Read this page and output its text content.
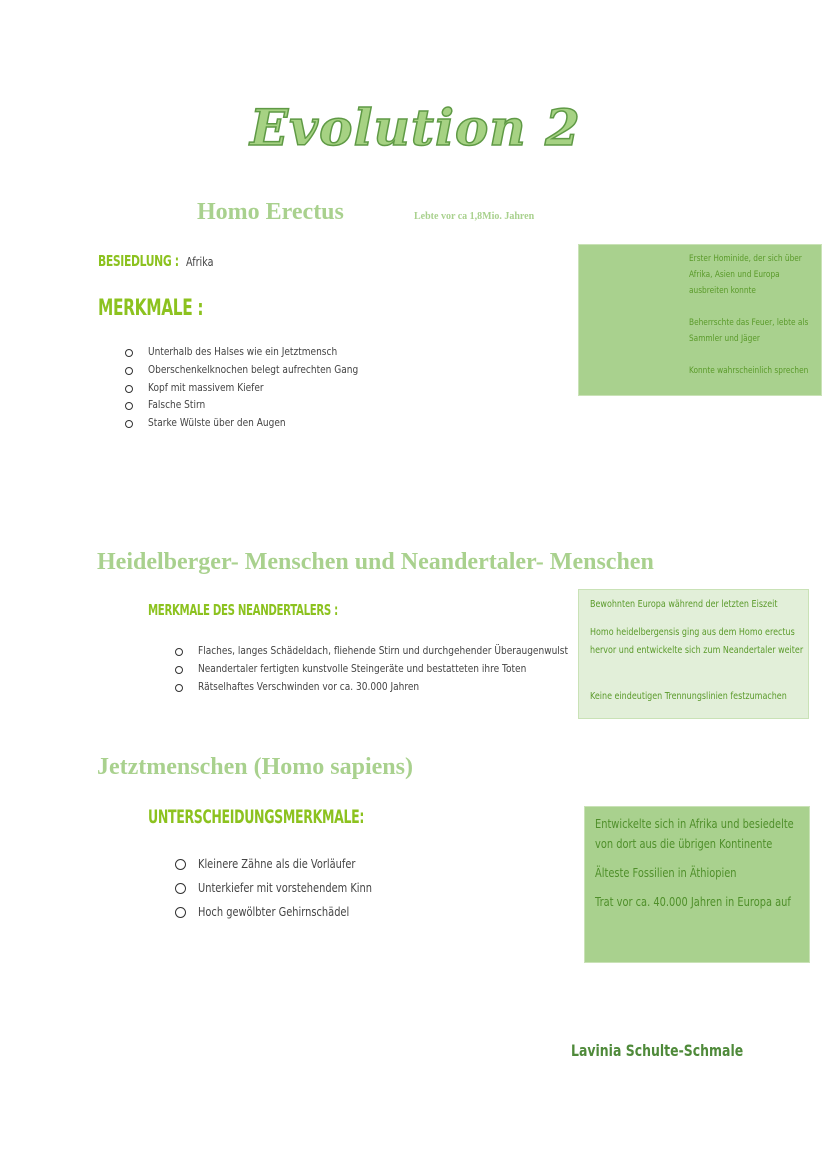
Evolution 2
Homo Erectus	Lebte vor ca 1,8Mio. Jahren
BESIEDLUNG : Afrika
MERKMALE :
Unterhalb des Halses wie ein Jetztmensch
Oberschenkelknochen belegt aufrechten Gang
Kopf mit massivem Kiefer
Falsche Stirn
Starke Wülste über den Augen

Erster Hominide, der sich über Afrika, Asien und Europa ausbreiten konnte

Beherrschte das Feuer, lebte als Sammler und Jäger

Konnte wahrscheinlich sprechen

Heidelberger- Menschen und Neandertaler- Menschen
MERKMALE DES NEANDERTALERS :
Flaches, langes Schädeldach, fliehende Stirn und durchgehender Überaugenwulst
Neandertaler fertigten kunstvolle Steingeräte und bestatteten ihre Toten
Rätselhaftes Verschwinden vor ca. 30.000 Jahren

Bewohnten Europa während der letzten Eiszeit

Homo heidelbergensis ging aus dem Homo erectus hervor und entwickelte sich zum Neandertaler weiter

Keine eindeutigen Trennungslinien festzumachen

Jetztmenschen (Homo sapiens)
UNTERSCHEIDUNGSMERKMALE:
Kleinere Zähne als die Vorläufer
Unterkiefer mit vorstehendem Kinn
Hoch gewölbter Gehirnschädel

Entwickelte sich in Afrika und besiedelte von dort aus die übrigen Kontinente

Älteste Fossilien in Äthiopien

Trat vor ca. 40.000 Jahren in Europa auf

Lavinia Schulte-Schmale
